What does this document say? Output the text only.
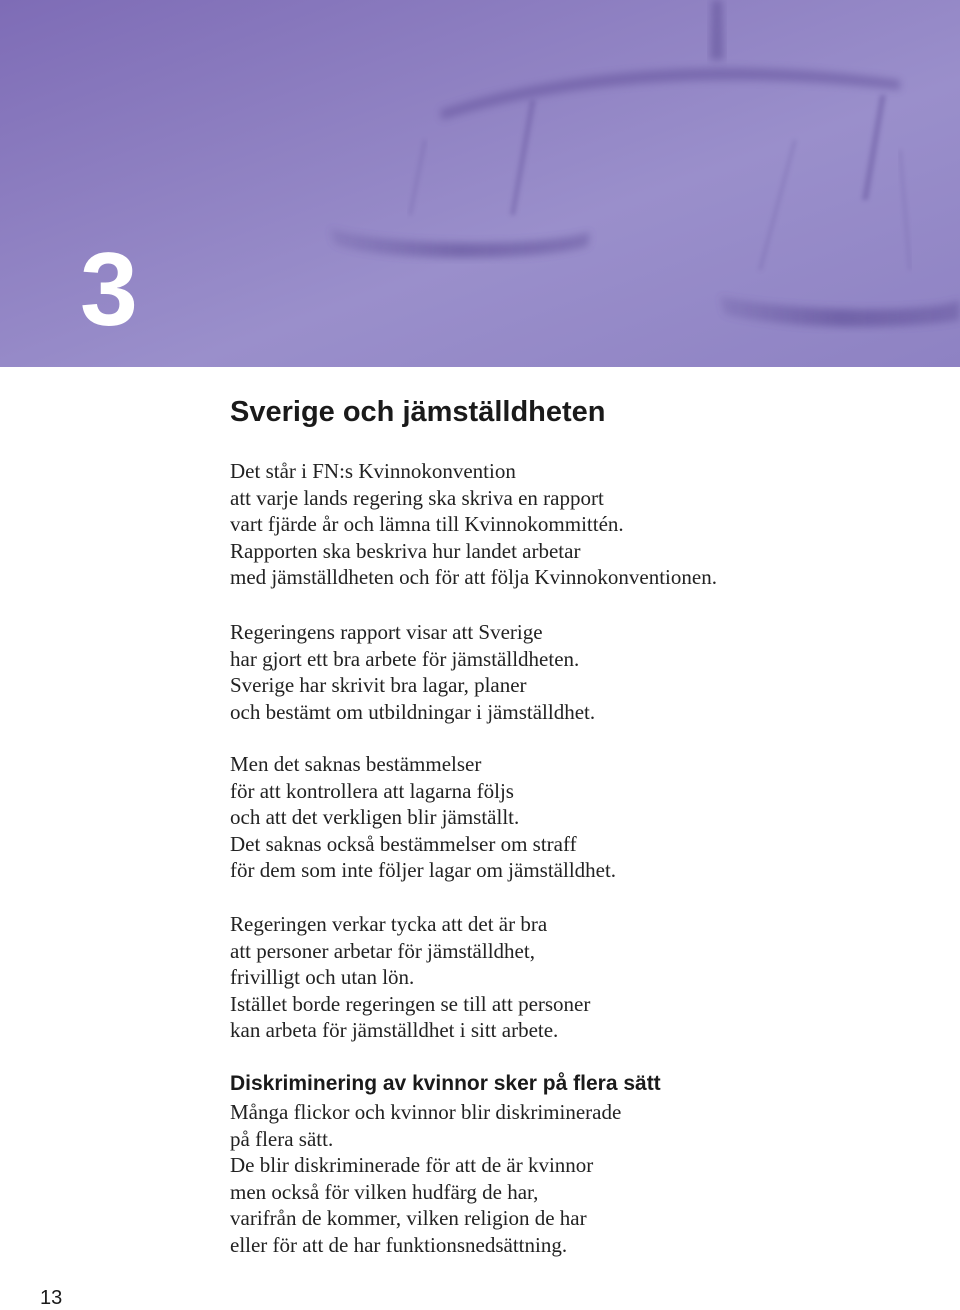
3
Sverige och jämställdheten

Det står i FN:s Kvinnokonvention
att varje lands regering ska skriva en rapport
vart fjärde år och lämna till Kvinnokommittén.
Rapporten ska beskriva hur landet arbetar
med jämställdheten och för att följa Kvinnokonventionen.

Regeringens rapport visar att Sverige
har gjort ett bra arbete för jämställdheten.
Sverige har skrivit bra lagar, planer
och bestämt om utbildningar i jämställdhet.

Men det saknas bestämmelser
för att kontrollera att lagarna följs
och att det verkligen blir jämställt.
Det saknas också bestämmelser om straff
för dem som inte följer lagar om jämställdhet.

Regeringen verkar tycka att det är bra
att personer arbetar för jämställdhet,
frivilligt och utan lön.
Istället borde regeringen se till att personer
kan arbeta för jämställdhet i sitt arbete.

Diskriminering av kvinnor sker på flera sätt

Många flickor och kvinnor blir diskriminerade
på flera sätt.
De blir diskriminerade för att de är kvinnor
men också för vilken hudfärg de har,
varifrån de kommer, vilken religion de har
eller för att de har funktionsnedsättning.

13
